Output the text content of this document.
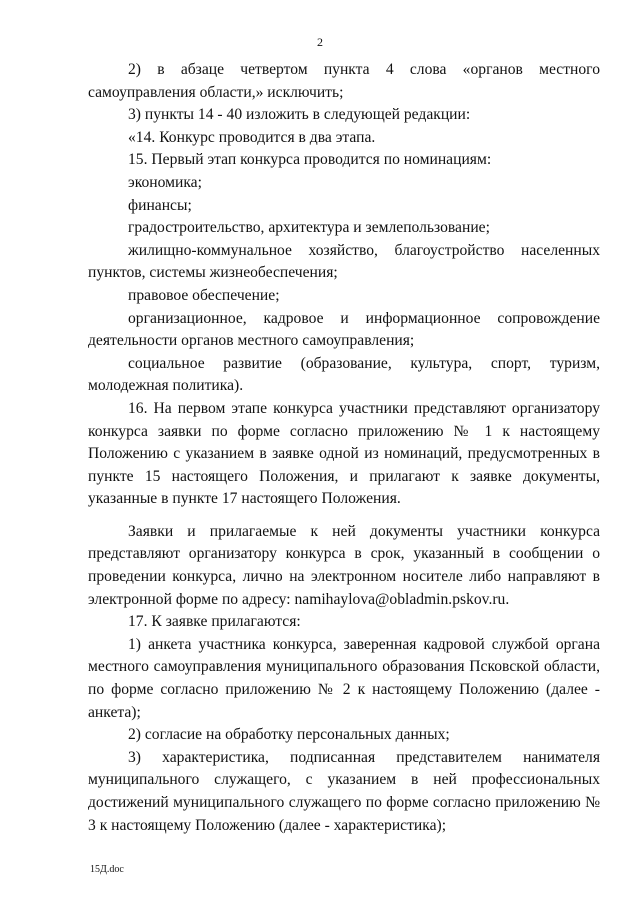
2

2) в абзаце четвертом пункта 4 слова «органов местного самоуправления области,» исключить;

3) пункты 14 - 40 изложить в следующей редакции:

«14. Конкурс проводится в два этапа.

15. Первый этап конкурса проводится по номинациям:

экономика;

финансы;

градостроительство, архитектура и землепользование;

жилищно-коммунальное хозяйство, благоустройство населенных пунктов, системы жизнеобеспечения;

правовое обеспечение;

организационное, кадровое и информационное сопровождение деятельности органов местного самоуправления;

социальное развитие (образование, культура, спорт, туризм, молодежная политика).

16. На первом этапе конкурса участники представляют организатору конкурса заявки по форме согласно приложению № 1 к настоящему Положению с указанием в заявке одной из номинаций, предусмотренных в пункте 15 настоящего Положения, и прилагают к заявке документы, указанные в пункте 17 настоящего Положения.

Заявки и прилагаемые к ней документы участники конкурса представляют организатору конкурса в срок, указанный в сообщении о проведении конкурса, лично на электронном носителе либо направляют в электронной форме по адресу: namihaylova@obladmin.pskov.ru.

17. К заявке прилагаются:

1) анкета участника конкурса, заверенная кадровой службой органа местного самоуправления муниципального образования Псковской области, по форме согласно приложению № 2 к настоящему Положению (далее - анкета);

2) согласие на обработку персональных данных;

3) характеристика, подписанная представителем нанимателя муниципального служащего, с указанием в ней профессиональных достижений муниципального служащего по форме согласно приложению № 3 к настоящему Положению (далее - характеристика);

15Д.doc
